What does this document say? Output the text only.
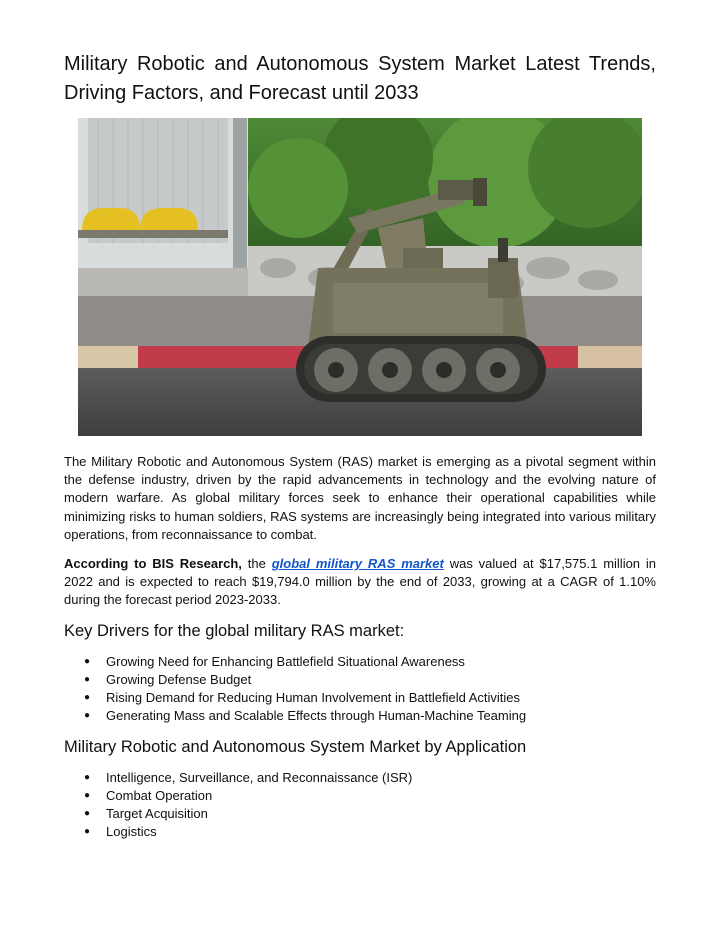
Military Robotic and Autonomous System Market Latest Trends, Driving Factors, and Forecast until 2033

The Military Robotic and Autonomous System (RAS) market is emerging as a pivotal segment within the defense industry, driven by the rapid advancements in technology and the evolving nature of modern warfare. As global military forces seek to enhance their operational capabilities while minimizing risks to human soldiers, RAS systems are increasingly being integrated into various military operations, from reconnaissance to combat.

According to BIS Research, the global military RAS market was valued at $17,575.1 million in 2022 and is expected to reach $19,794.0 million by the end of 2033, growing at a CAGR of 1.10% during the forecast period 2023-2033.

Key Drivers for the global military RAS market:
● Growing Need for Enhancing Battlefield Situational Awareness
● Growing Defense Budget
● Rising Demand for Reducing Human Involvement in Battlefield Activities
● Generating Mass and Scalable Effects through Human-Machine Teaming
Military Robotic and Autonomous System Market by Application
● Intelligence, Surveillance, and Reconnaissance (ISR)
● Combat Operation
● Target Acquisition
● Logistics
